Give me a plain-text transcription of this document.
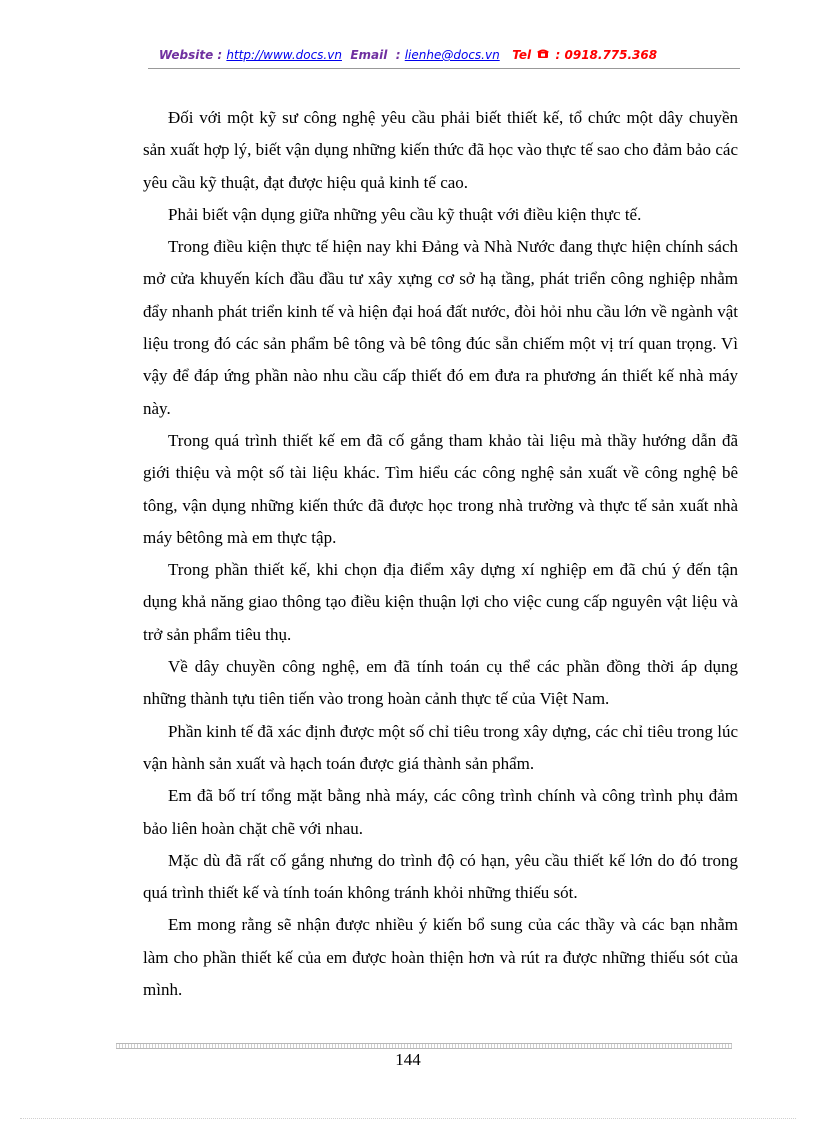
Website : http://www.docs.vn Email : lienhe@docs.vn Tel : 0918.775.368

Đối với một kỹ sư công nghệ yêu cầu phải biết thiết kế, tổ chức một dây chuyền sản xuất hợp lý, biết vận dụng những kiến thức đã học vào thực tế sao cho đảm bảo các yêu cầu kỹ thuật, đạt được hiệu quả kinh tế cao.

Phải biết vận dụng giữa những yêu cầu kỹ thuật với điều kiện thực tế.

Trong điều kiện thực tế hiện nay khi Đảng và Nhà Nước đang thực hiện chính sách mở cửa khuyến kích đầu đầu tư xây xựng cơ sở hạ tầng, phát triển công nghiệp nhằm đẩy nhanh phát triển kinh tế và hiện đại hoá đất nước, đòi hỏi nhu cầu lớn về ngành vật liệu trong đó các sản phẩm bê tông và bê tông đúc sẵn chiếm một vị trí quan trọng. Vì vậy để đáp ứng phần nào nhu cầu cấp thiết đó em đưa ra phương án thiết kế nhà máy này.

Trong quá trình thiết kế em đã cố gắng tham khảo tài liệu mà thầy hướng dẫn đã giới thiệu và một số tài liệu khác. Tìm hiểu các công nghệ sản xuất về công nghệ bê tông, vận dụng những kiến thức đã được học trong nhà trường và thực tế sản xuất nhà máy bêtông mà em thực tập.

Trong phần thiết kế, khi chọn địa điểm xây dựng xí nghiệp em đã chú ý đến tận dụng khả năng giao thông tạo điều kiện thuận lợi cho việc cung cấp nguyên vật liệu và trở sản phẩm tiêu thụ.

Về dây chuyền công nghệ, em đã tính toán cụ thể các phần đồng thời áp dụng những thành tựu tiên tiến vào trong hoàn cảnh thực tế của Việt Nam.

Phần kinh tế đã xác định được một số chỉ tiêu trong xây dựng, các chỉ tiêu trong lúc vận hành sản xuất và hạch toán được giá thành sản phẩm.

Em đã bố trí tổng mặt bằng nhà máy, các công trình chính và công trình phụ đảm bảo liên hoàn chặt chẽ với nhau.

Mặc dù đã rất cố gắng nhưng do trình độ có hạn, yêu cầu thiết kế lớn do đó trong quá trình thiết kế và tính toán không tránh khỏi những thiếu sót.

Em mong rằng sẽ nhận được nhiều ý kiến bổ sung của các thầy và các bạn nhằm làm cho phần thiết kế của em được hoàn thiện hơn và rút ra được những thiếu sót của mình.

144
